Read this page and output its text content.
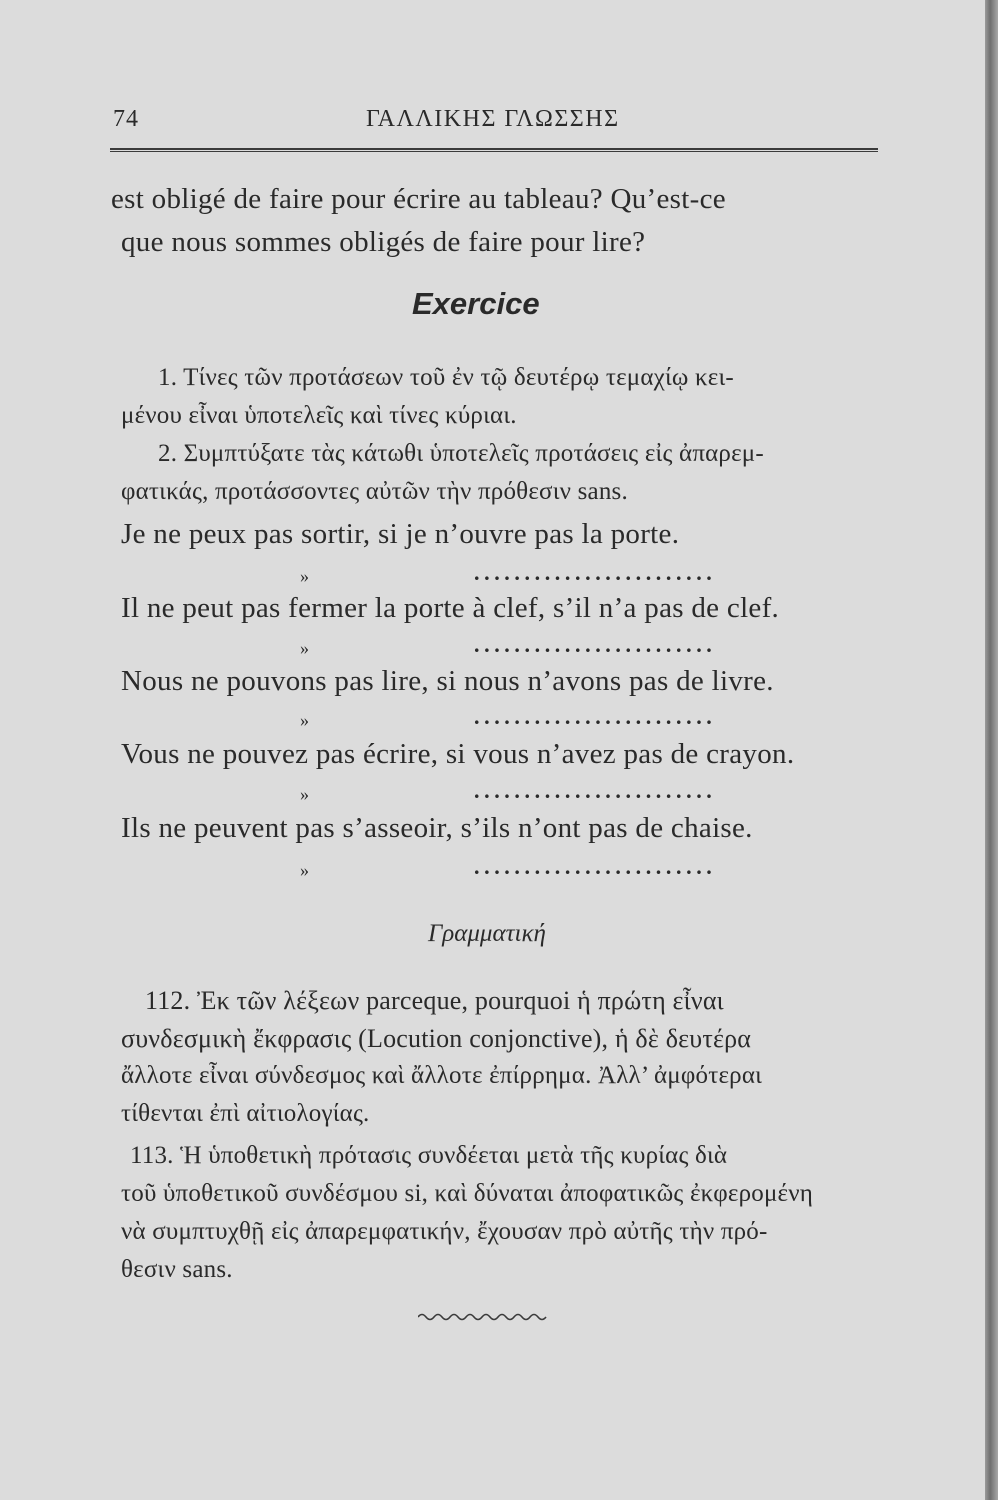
74	ΓΑΛΛΙΚΗΣ ΓΛΩΣΣΗΣ
est obligé de faire pour écrire au tableau? Qu’est-ce
que nous sommes obligés de faire pour lire?
Exercice
1. Τίνες τῶν προτάσεων τοῦ ἐν τῷ δευτέρῳ τεμαχίῳ κει-
μένου εἶναι ὑποτελεῖς καὶ τίνες κύριαι.
2. Συμπτύξατε τὰς κάτωθι ὑποτελεῖς προτάσεις εἰς ἀπαρεμ-
φατικάς, προτάσσοντες αὐτῶν τὴν πρόθεσιν sans.
Je ne peux pas sortir, si je n’ouvre pas la porte.
»	........................
Il ne peut pas fermer la porte à clef, s’il n’a pas de clef.
»	........................
Nous ne pouvons pas lire, si nous n’avons pas de livre.
»	........................
Vous ne pouvez pas écrire, si vous n’avez pas de crayon.
»	........................
Ils ne peuvent pas s’asseoir, s’ils n’ont pas de chaise.
»	........................
Γραμματική
112. Ἐκ τῶν λέξεων parceque, pourquoi ἡ πρώτη εἶναι
συνδεσμικὴ ἔκφρασις (Locution conjonctive), ἡ δὲ δευτέρα
ἄλλοτε εἶναι σύνδεσμος καὶ ἄλλοτε ἐπίρρημα. Ἀλλ’ ἀμφότεραι
τίθενται ἐπὶ αἰτιολογίας.
113. Ἡ ὑποθετικὴ πρότασις συνδέεται μετὰ τῆς κυρίας διὰ
τοῦ ὑποθετικοῦ συνδέσμου si, καὶ δύναται ἀποφατικῶς ἐκφερομένη
νὰ συμπτυχθῇ εἰς ἀπαρεμφατικήν, ἔχουσαν πρὸ αὐτῆς τὴν πρό-
θεσιν sans.
